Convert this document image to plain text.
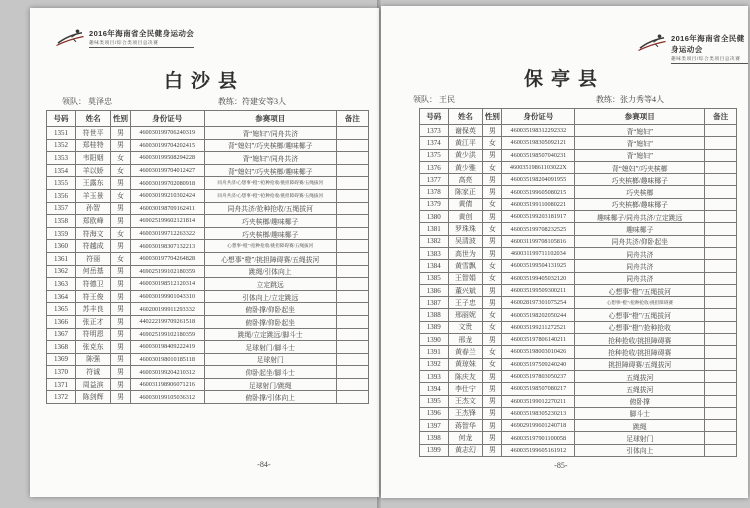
2016年海南省全民健身运动会
趣味类项目/综合类项目总决赛
白沙县
领队： 莫泽忠	教练：符建安等3人
号码	姓名	性别	身份证号	参赛项目	备注
1351	符世平	男	460030199706240319	背“媳妇”/同舟共济	
1352	郑桂特	男	460030199704202415	背“媳妇”/巧夹槟榔/趣味椰子	
1353	韦阳姻	女	460030199508294228	背“媳妇”/同舟共济	
1354	羊以娇	女	460030199704012427	背“媳妇”/巧夹槟榔/趣味椰子	
1355	王露东	男	460030199702080918	同舟共济/心想事“橙”/抢种抢收/挑担障碍赛/五绳拔河	
1356	羊玉景	女	460030199210302424	同舟共济/心想事“橙”/抢种抢收/挑担障碍赛/五绳拔河	
1357	孙智	男	460030198709162411	同舟共济/抢种抢收/五绳拔河	
1358	郑欧峰	男	469025199602121814	巧夹槟榔/趣味椰子	
1359	符海文	女	460030199712263322	巧夹槟榔/趣味椰子	
1360	符越成	男	460030198307132213	心想事“橙”/抢种抢收/挑担障碍赛/五绳拔河	
1361	符丽	女	460030197704264828	心想事“橙”/挑担障碍赛/五绳拔河	
1362	何岳基	男	469025199102180359	跳绳/引体向上	
1363	符德卫	男	460030198512120314	立定跳远	
1364	符王俊	男	460030199901043310	引体向上/立定跳远	
1365	苏丰良	男	460200199911293332	俯卧撑/仰卧起坐	
1366	张正才	男	440222199709261518	俯卧撑/仰卧起坐	
1367	符明恩	男	469025199102180359	跳绳/立定跳远/脚斗士	
1368	张克东	男	460030198409222419	足球射门/脚斗士	
1369	陈强	男	460030198010185118	足球射门	
1370	符诚	男	460030199204210312	仰卧起坐/脚斗士	
1371	周益滨	男	460031198906071216	足球射门/跳绳	
1372	陈剑辉	男	460030199105036312	俯卧撑/引体向上	
-84-
2016年海南省全民健身运动会
趣味类项目/综合类项目总决赛
保亭县
领队： 王民	教练：张力秀等4人
号码	姓名	性别	身份证号	参赛项目	备注
1373	谢保英	男	460035198312292332	背“媳妇”	
1374	黄江平	女	460035198305092121	背“媳妇”	
1375	黄少洪	男	460035198507040231	背“媳妇”	
1376	黄少雅	女	46003519861103022X	背“媳妇”/巧夹槟榔	
1377	高亮	男	460035198204091955	巧夹槟榔/趣味椰子	
1378	陈家正	男	460035199605080215	巧夹槟榔	
1379	黄倩	女	460035199110080221	巧夹槟榔/趣味椰子	
1380	黄创	男	460035199203181917	趣味椰子/同舟共济/立定跳远	
1381	罗珠珠	女	460035199708232525	趣味椰子	
1382	吴清波	男	460031199708105816	同舟共济/仰卧起坐	
1383	高世为	男	460031199711102034	同舟共济	
1384	黄雪飘	女	460035199504131925	同舟共济	
1385	王智娟	女	460035199405032120	同舟共济	
1386	董兴斌	男	460035199509300211	心想事“橙”/五绳拔河	
1387	王子忠	男	460028197301075254	心想事“橙”/抢种抢收/挑担障碍赛	
1388	邢丽妮	女	460035198202050244	心想事“橙”/五绳拔河	
1389	文贵	女	460035199211272521	心想事“橙”/抢种抢收	
1390	邢龙	男	460035197806140211	抢种抢收/挑担障碍赛	
1391	黄春兰	女	460035198003010426	抢种抢收/挑担障碍赛	
1392	黄琼妹	女	460035197509240240	挑担障碍赛/五绳拔河	
1393	陈庆友	男	460035197803050237	五绳拔河	
1394	李仕宁	男	460035198507080217	五绳拔河	
1395	王杰文	男	460035199012270211	俯卧撑	
1396	王杰锋	男	460035198305230213	脚斗士	
1397	蒋智华	男	469029199601240718	跳绳	
1398	何龙	男	460035197901100058	足球射门	
1399	黄志幻	男	460035199605161912	引体向上	
-85-
